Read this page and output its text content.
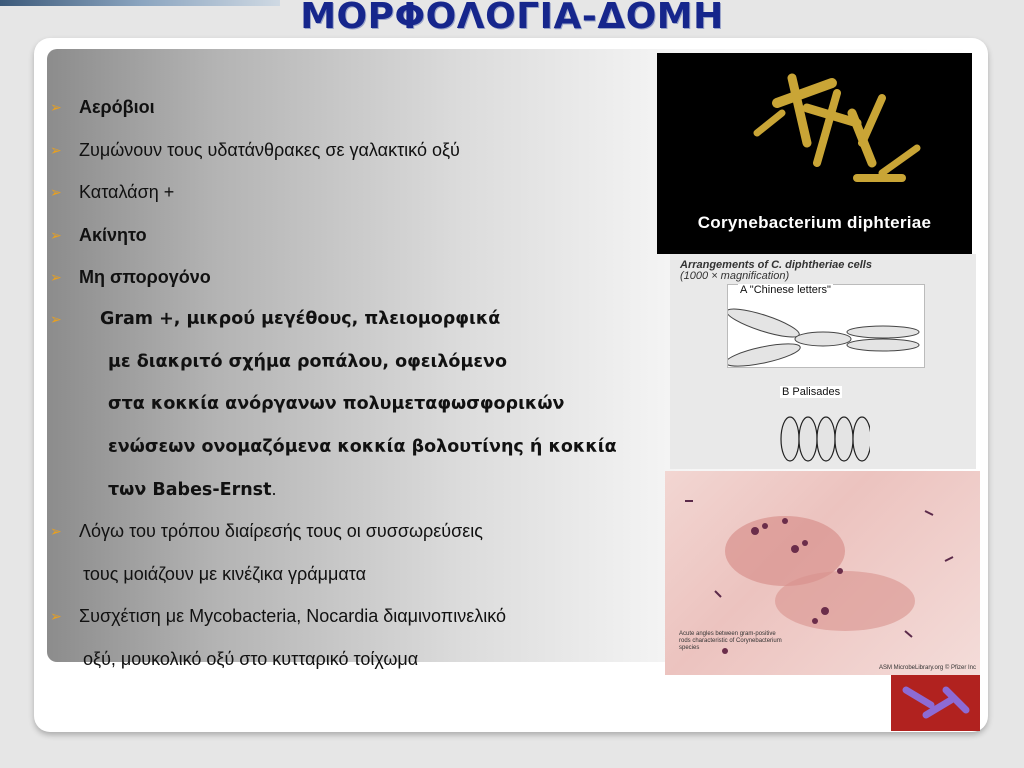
ΜΟΡΦΟΛΟΓΙΑ-ΔΟΜΗ
➢ Αερόβιοι
➢ Ζυμώνουν τους υδατάνθρακες σε γαλακτικό οξύ
➢ Καταλάση +
➢ Ακίνητο
➢ Μη σπορογόνο
➢ Gram +, μικρού μεγέθους, πλειομορφικά
με διακριτό σχήμα ροπάλου, οφειλόμενο
στα κοκκία ανόργανων πολυμεταφωσφορικών
ενώσεων ονομαζόμενα κοκκία βολουτίνης ή κοκκία
των Babes-Ernst.
➢ Λόγω του τρόπου διαίρεσής τους οι συσσωρεύσεις
τους μοιάζουν με κινέζικα γράμματα
➢ Συσχέτιση με Mycobacteria, Nocardia διαμινοπινελικό
οξύ, μουκολικό οξύ στο κυτταρικό τοίχωμα
Corynebacterium diphteriae
Arrangements of C. diphtheriae cells
(1000 × magnification)
A "Chinese letters"
B Palisades
Acute angles between gram-positive rods characteristic of Corynebacterium species
ASM MicrobeLibrary.org © Pfizer Inc
